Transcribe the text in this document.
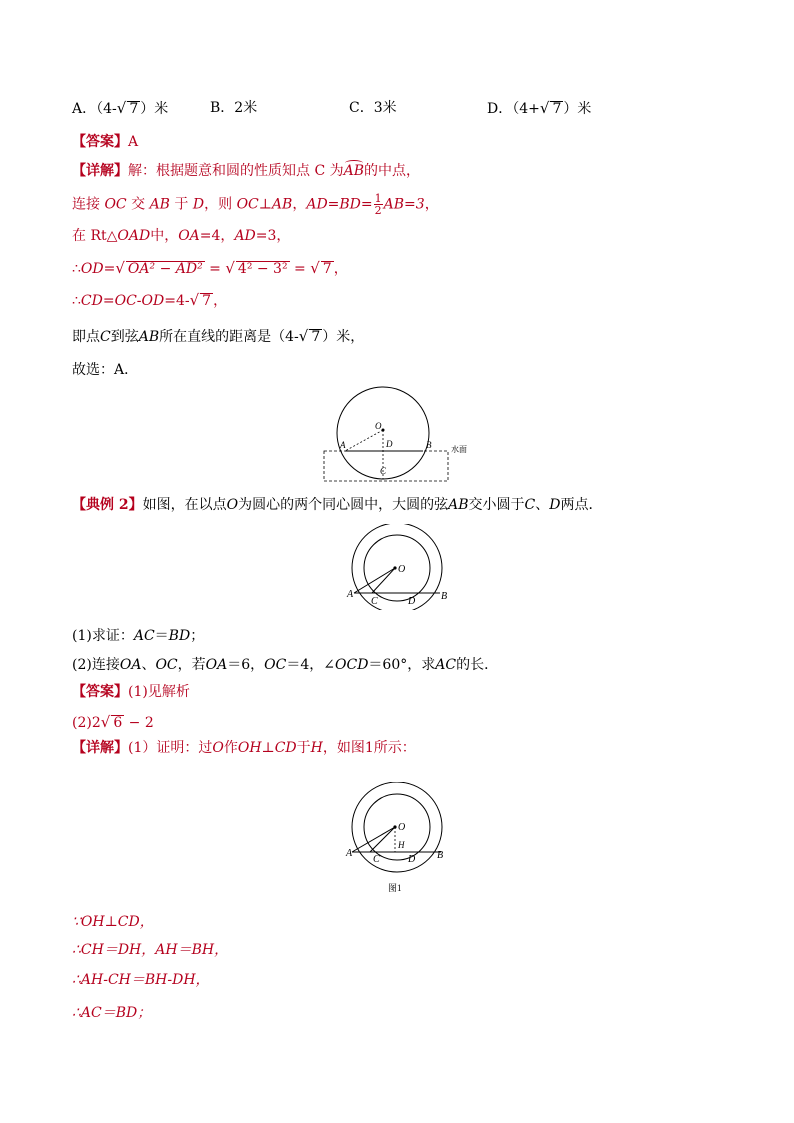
A．（4-√ 7 ）米	B．2米	C．3米	D．（4+√ 7 ）米
【答案】A
【详解】解：根据题意和圆的性质知点 C 为AB的中点，
连接 OC 交 AB 于 D，则 OC⊥AB，$AD=BD= \frac{1}{2} AB=3$，
在 Rt△OAD中，OA=4，AD=3，
∴OD=√ OA² − AD² = √ 4² − 3² = √ 7 ，
∴CD=OC-OD=4-√ 7 ，
即点C到弦AB所在直线的距离是（4-√ 7 ）米，
故选：A．
O
A	B
D
C
水面
【典例 2】如图，在以点O为圆心的两个同心圆中，大圆的弦AB交小圆于C、D两点．
O
A	B
C	D
(1)求证：AC＝BD；
(2)连接OA、OC，若OA＝6，OC＝4，∠OCD＝60°，求AC的长．
【答案】(1)见解析
(2)2√ 6 − 2
【详解】(1）证明：过O作OH⊥CD于H，如图1所示：
O
H
A	B
C	D
图1
∵OH⊥CD，
∴CH＝DH，AH＝BH，
∴AH-CH＝BH-DH，
∴AC＝BD；
